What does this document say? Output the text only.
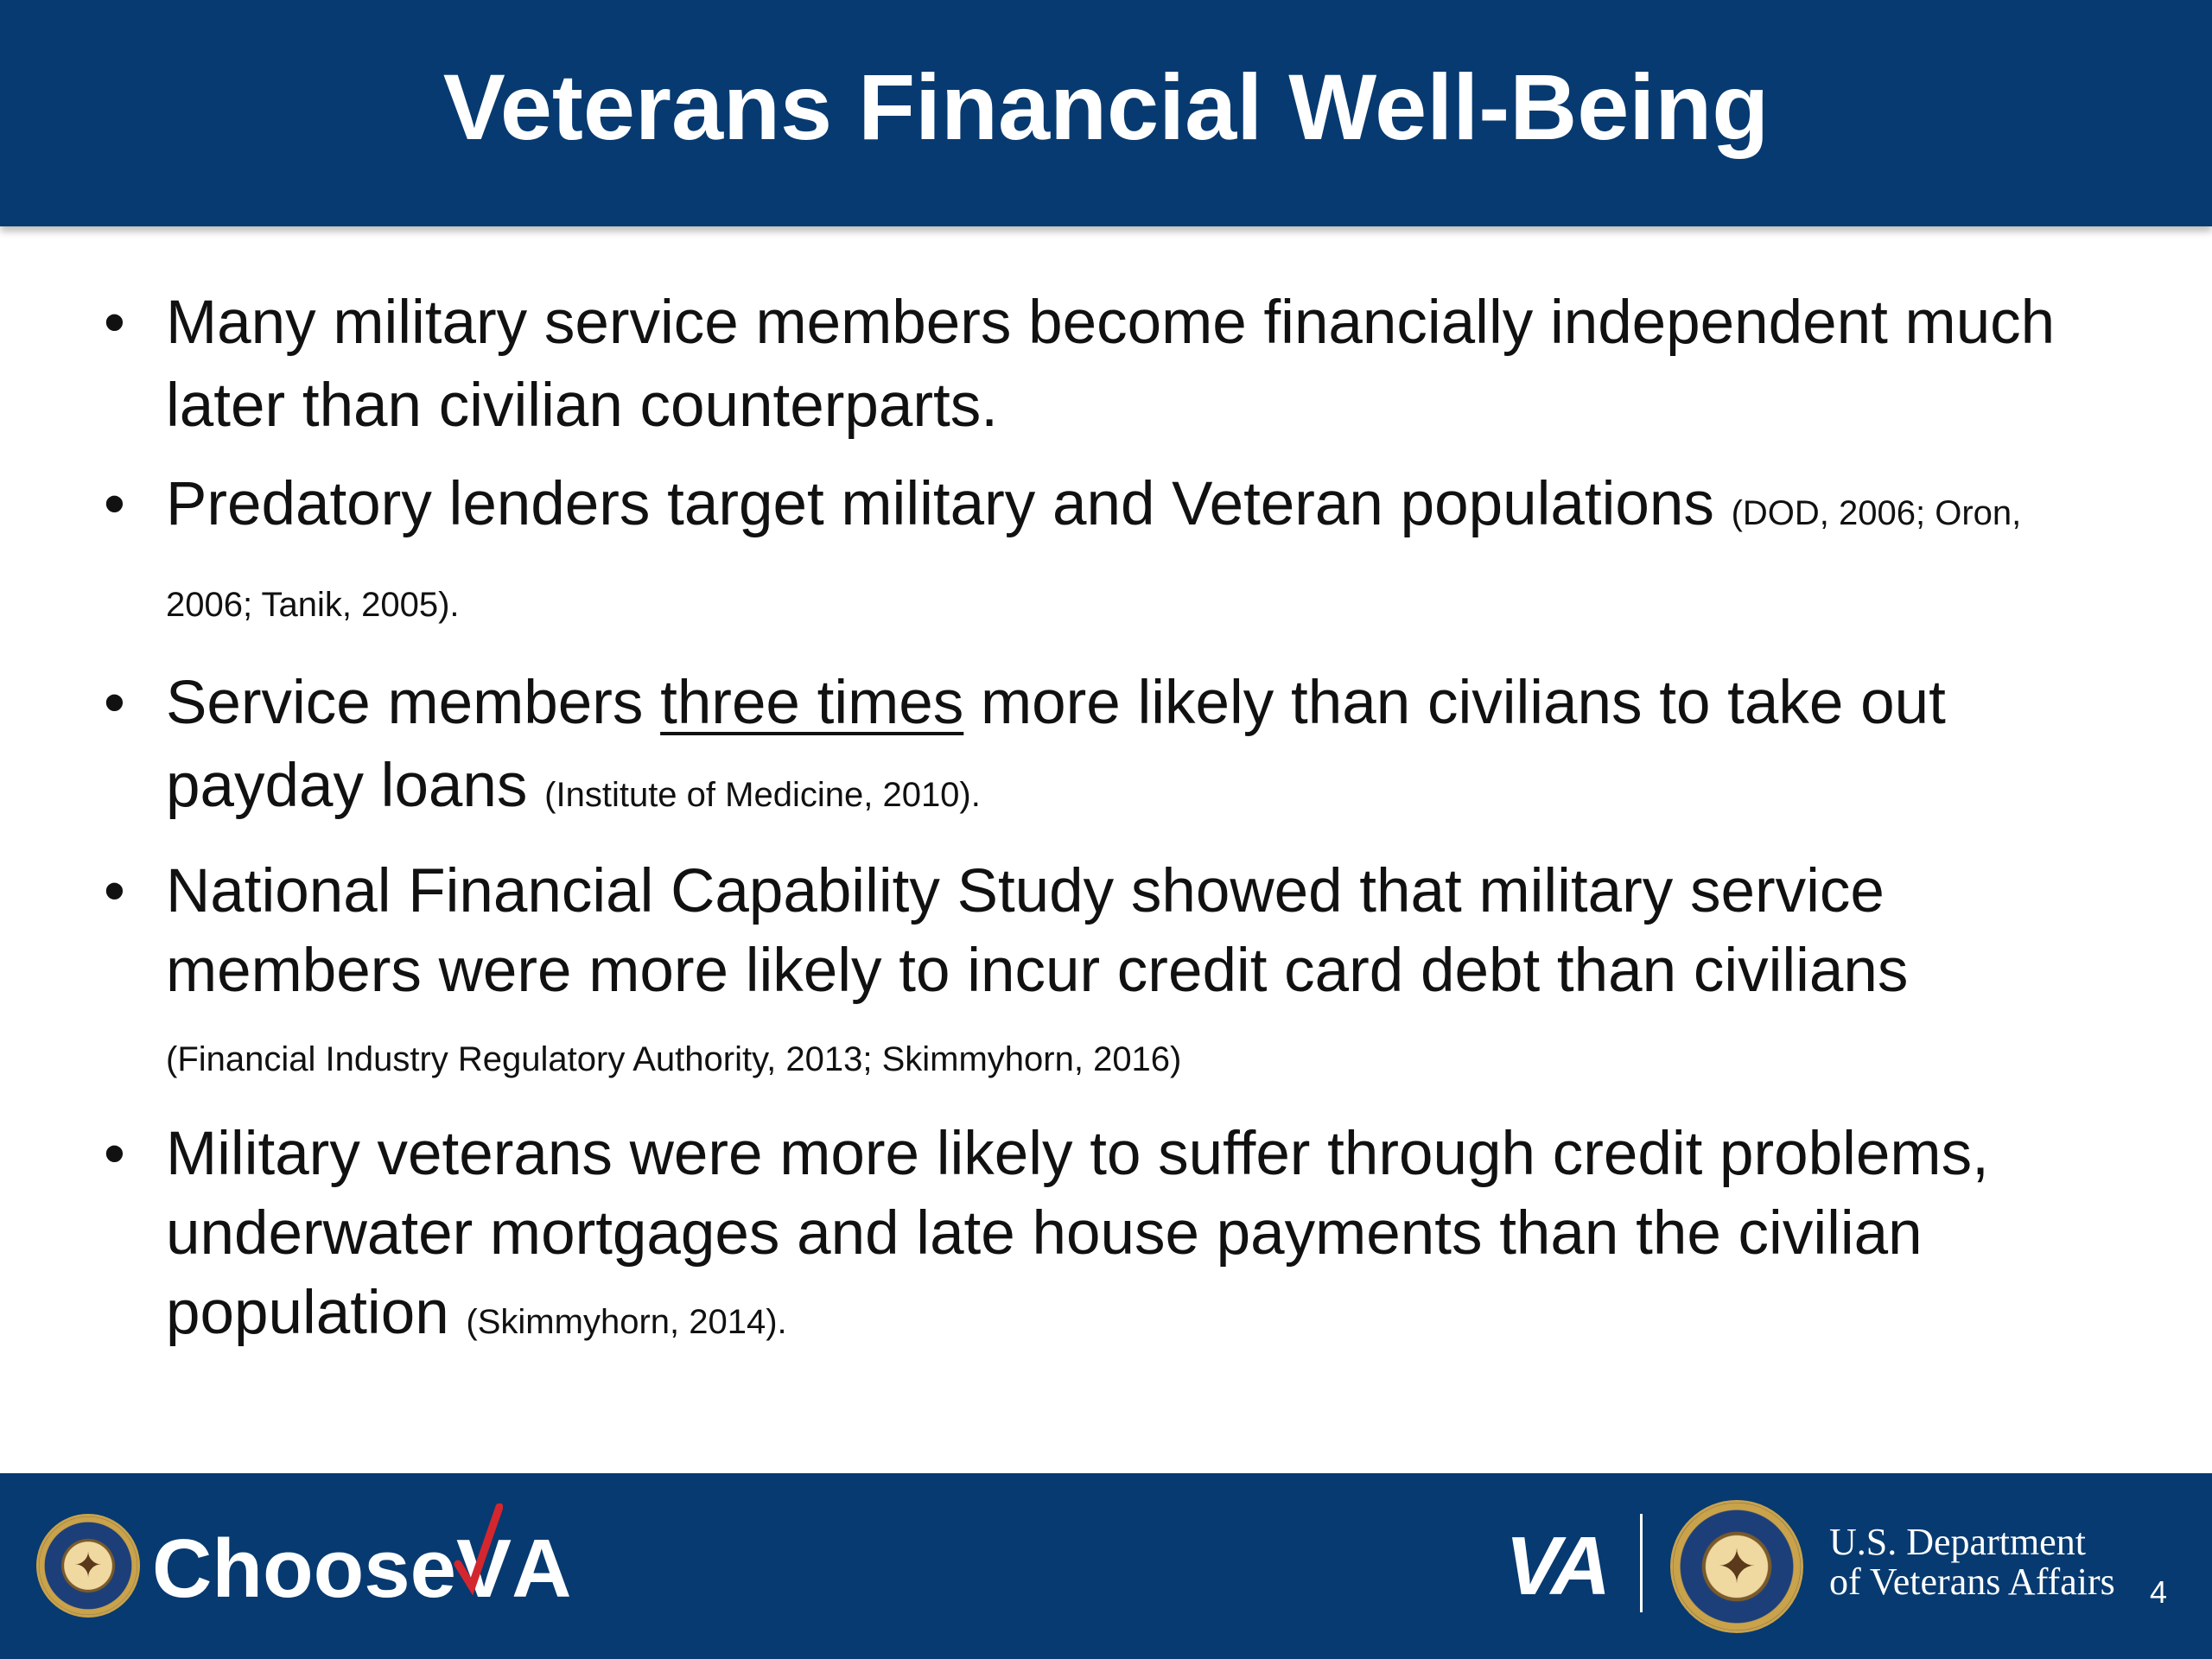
Veterans Financial Well-Being
• Many military service members become financially independent much later than civilian counterparts.
• Predatory lenders target military and Veteran populations (DOD, 2006; Oron, 2006; Tanik, 2005).
• Service members three times more likely than civilians to take out payday loans (Institute of Medicine, 2010).
• National Financial Capability Study showed that military service members were more likely to incur credit card debt than civilians (Financial Industry Regulatory Authority, 2013; Skimmyhorn, 2016)
• Military veterans were more likely to suffer through credit problems, underwater mortgages and late house payments than the civilian population (Skimmyhorn, 2014).
✦ Choose V A	VA ✦ U.S. Department
of Veterans Affairs 4
